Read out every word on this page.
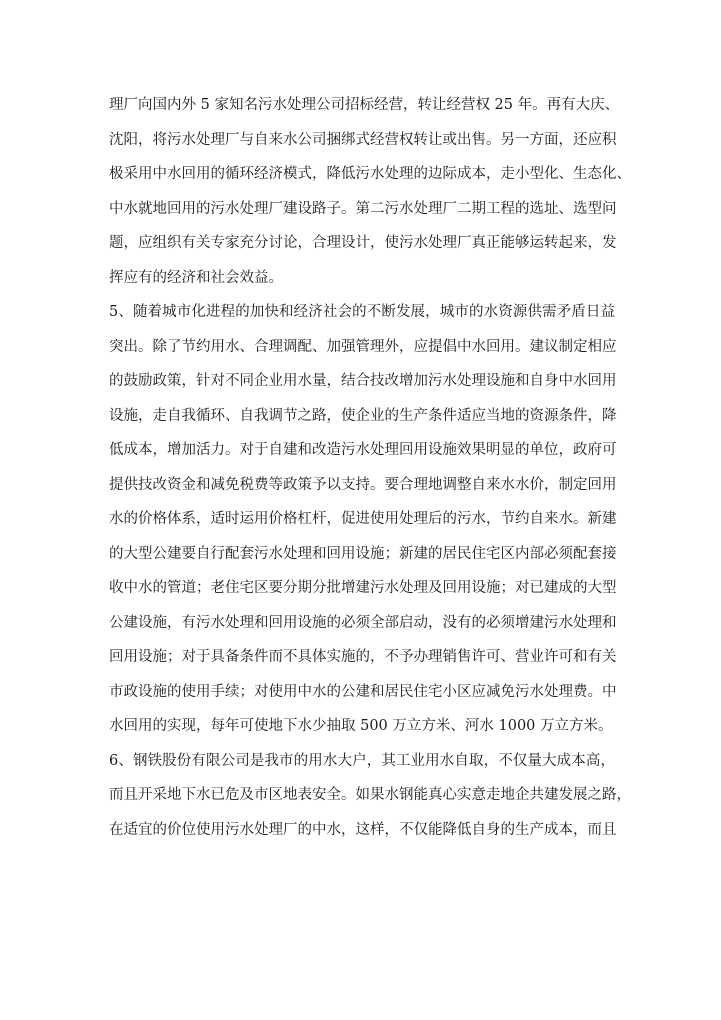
理厂向国内外 5 家知名污水处理公司招标经营，转让经营权 25 年。再有大庆、
沈阳，将污水处理厂与自来水公司捆绑式经营权转让或出售。另一方面，还应积
极采用中水回用的循环经济模式，降低污水处理的边际成本，走小型化、生态化、
中水就地回用的污水处理厂建设路子。第二污水处理厂二期工程的选址、选型问
题，应组织有关专家充分讨论，合理设计，使污水处理厂真正能够运转起来，发
挥应有的经济和社会效益。
5、随着城市化进程的加快和经济社会的不断发展，城市的水资源供需矛盾日益
突出。除了节约用水、合理调配、加强管理外，应提倡中水回用。建议制定相应
的鼓励政策，针对不同企业用水量，结合技改增加污水处理设施和自身中水回用
设施，走自我循环、自我调节之路，使企业的生产条件适应当地的资源条件，降
低成本，增加活力。对于自建和改造污水处理回用设施效果明显的单位，政府可
提供技改资金和减免税费等政策予以支持。要合理地调整自来水水价，制定回用
水的价格体系，适时运用价格杠杆，促进使用处理后的污水，节约自来水。新建
的大型公建要自行配套污水处理和回用设施；新建的居民住宅区内部必须配套接
收中水的管道；老住宅区要分期分批增建污水处理及回用设施；对已建成的大型
公建设施，有污水处理和回用设施的必须全部启动，没有的必须增建污水处理和
回用设施；对于具备条件而不具体实施的，不予办理销售许可、营业许可和有关
市政设施的使用手续；对使用中水的公建和居民住宅小区应减免污水处理费。中
水回用的实现，每年可使地下水少抽取 500 万立方米、河水 1000 万立方米。
6、钢铁股份有限公司是我市的用水大户，其工业用水自取，不仅量大成本高，
而且开采地下水已危及市区地表安全。如果水钢能真心实意走地企共建发展之路，
在适宜的价位使用污水处理厂的中水，这样，不仅能降低自身的生产成本，而且
